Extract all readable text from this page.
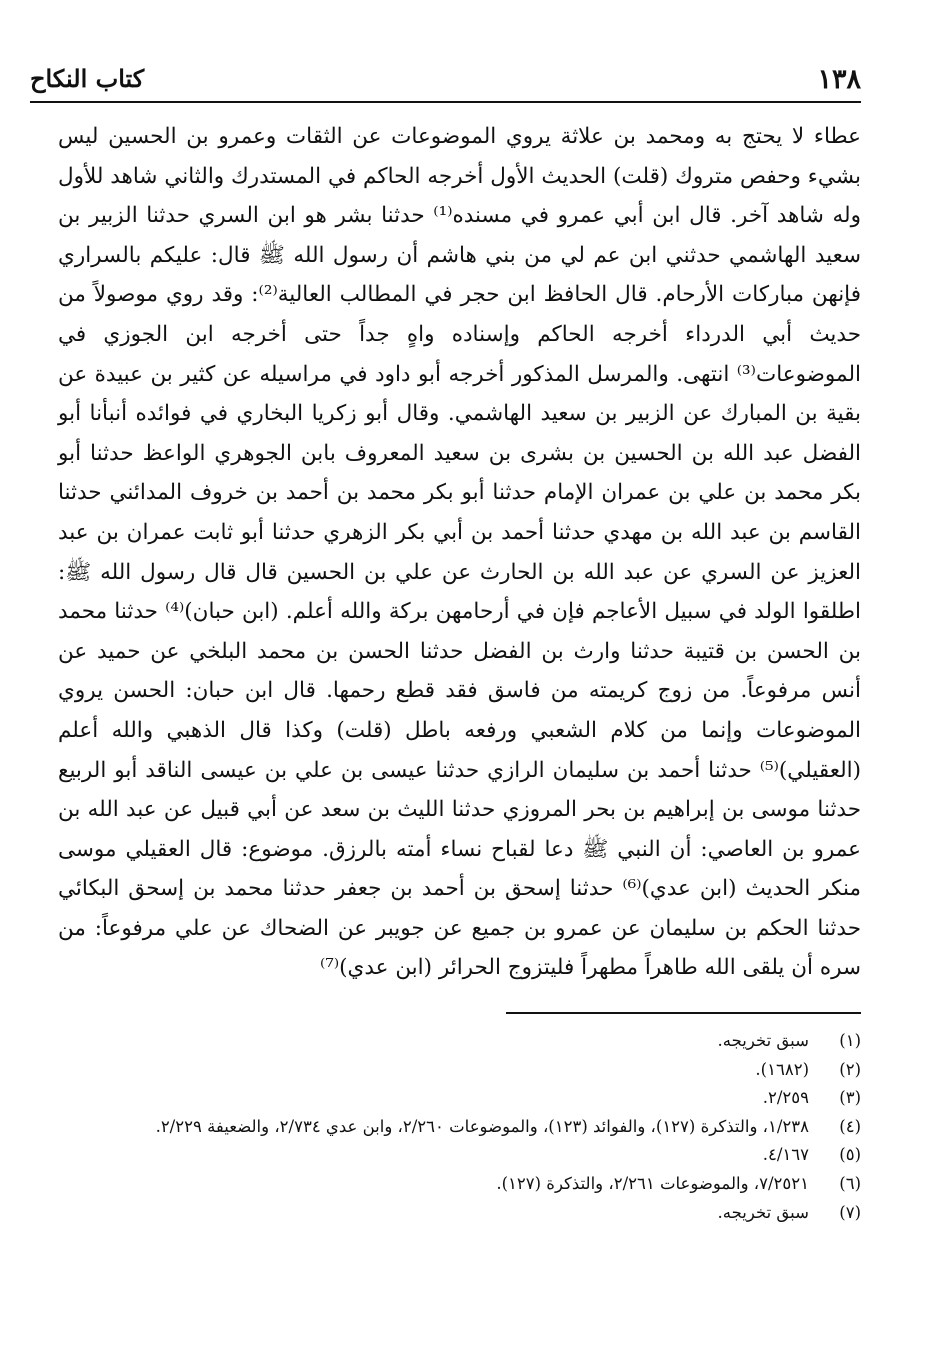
١٣٨
كتاب النكاح

عطاء لا يحتج به ومحمد بن علاثة يروي الموضوعات عن الثقات وعمرو بن الحسين ليس بشيء وحفص متروك (قلت) الحديث الأول أخرجه الحاكم في المستدرك والثاني شاهد للأول وله شاهد آخر. قال ابن أبي عمرو في مسنده⁽¹⁾ حدثنا بشر هو ابن السري حدثنا الزبير بن سعيد الهاشمي حدثني ابن عم لي من بني هاشم أن رسول الله ﷺ قال: عليكم بالسراري فإنهن مباركات الأرحام. قال الحافظ ابن حجر في المطالب العالية⁽²⁾: وقد روي موصولاً من حديث أبي الدرداء أخرجه الحاكم وإسناده واهٍ جداً حتى أخرجه ابن الجوزي في الموضوعات⁽³⁾ انتهى. والمرسل المذكور أخرجه أبو داود في مراسيله عن كثير بن عبيدة عن بقية بن المبارك عن الزبير بن سعيد الهاشمي. وقال أبو زكريا البخاري في فوائده أنبأنا أبو الفضل عبد الله بن الحسين بن بشرى بن سعيد المعروف بابن الجوهري الواعظ حدثنا أبو بكر محمد بن علي بن عمران الإمام حدثنا أبو بكر محمد بن أحمد بن خروف المدائني حدثنا القاسم بن عبد الله بن مهدي حدثنا أحمد بن أبي بكر الزهري حدثنا أبو ثابت عمران بن عبد العزيز عن السري عن عبد الله بن الحارث عن علي بن الحسين قال قال رسول الله ﷺ: اطلقوا الولد في سبيل الأعاجم فإن في أرحامهن بركة والله أعلم. (ابن حبان)⁽⁴⁾ حدثنا محمد بن الحسن بن قتيبة حدثنا وارث بن الفضل حدثنا الحسن بن محمد البلخي عن حميد عن أنس مرفوعاً. من زوج كريمته من فاسق فقد قطع رحمها. قال ابن حبان: الحسن يروي الموضوعات وإنما من كلام الشعبي ورفعه باطل (قلت) وكذا قال الذهبي والله أعلم (العقيلي)⁽⁵⁾ حدثنا أحمد بن سليمان الرازي حدثنا عيسى بن علي بن عيسى الناقد أبو الربيع حدثنا موسى بن إبراهيم بن بحر المروزي حدثنا الليث بن سعد عن أبي قبيل عن عبد الله بن عمرو بن العاصي: أن النبي ﷺ دعا لقباح نساء أمته بالرزق. موضوع: قال العقيلي موسى منكر الحديث (ابن عدي)⁽⁶⁾ حدثنا إسحق بن أحمد بن جعفر حدثنا محمد بن إسحق البكائي حدثنا الحكم بن سليمان عن عمرو بن جميع عن جويبر عن الضحاك عن علي مرفوعاً: من سره أن يلقى الله طاهراً مطهراً فليتزوج الحرائر (ابن عدي)⁽⁷⁾

(١)
سبق تخريجه.
(٢)
(١٦٨٢).
(٣)
٢/٢٥٩.
(٤)
١/٢٣٨، والتذكرة (١٢٧)، والفوائد (١٢٣)، والموضوعات ٢/٢٦٠، وابن عدي ٢/٧٣٤، والضعيفة ٢/٢٢٩.
(٥)
٤/١٦٧.
(٦)
٧/٢٥٢١، والموضوعات ٢/٢٦١، والتذكرة (١٢٧).
(٧)
سبق تخريجه.
